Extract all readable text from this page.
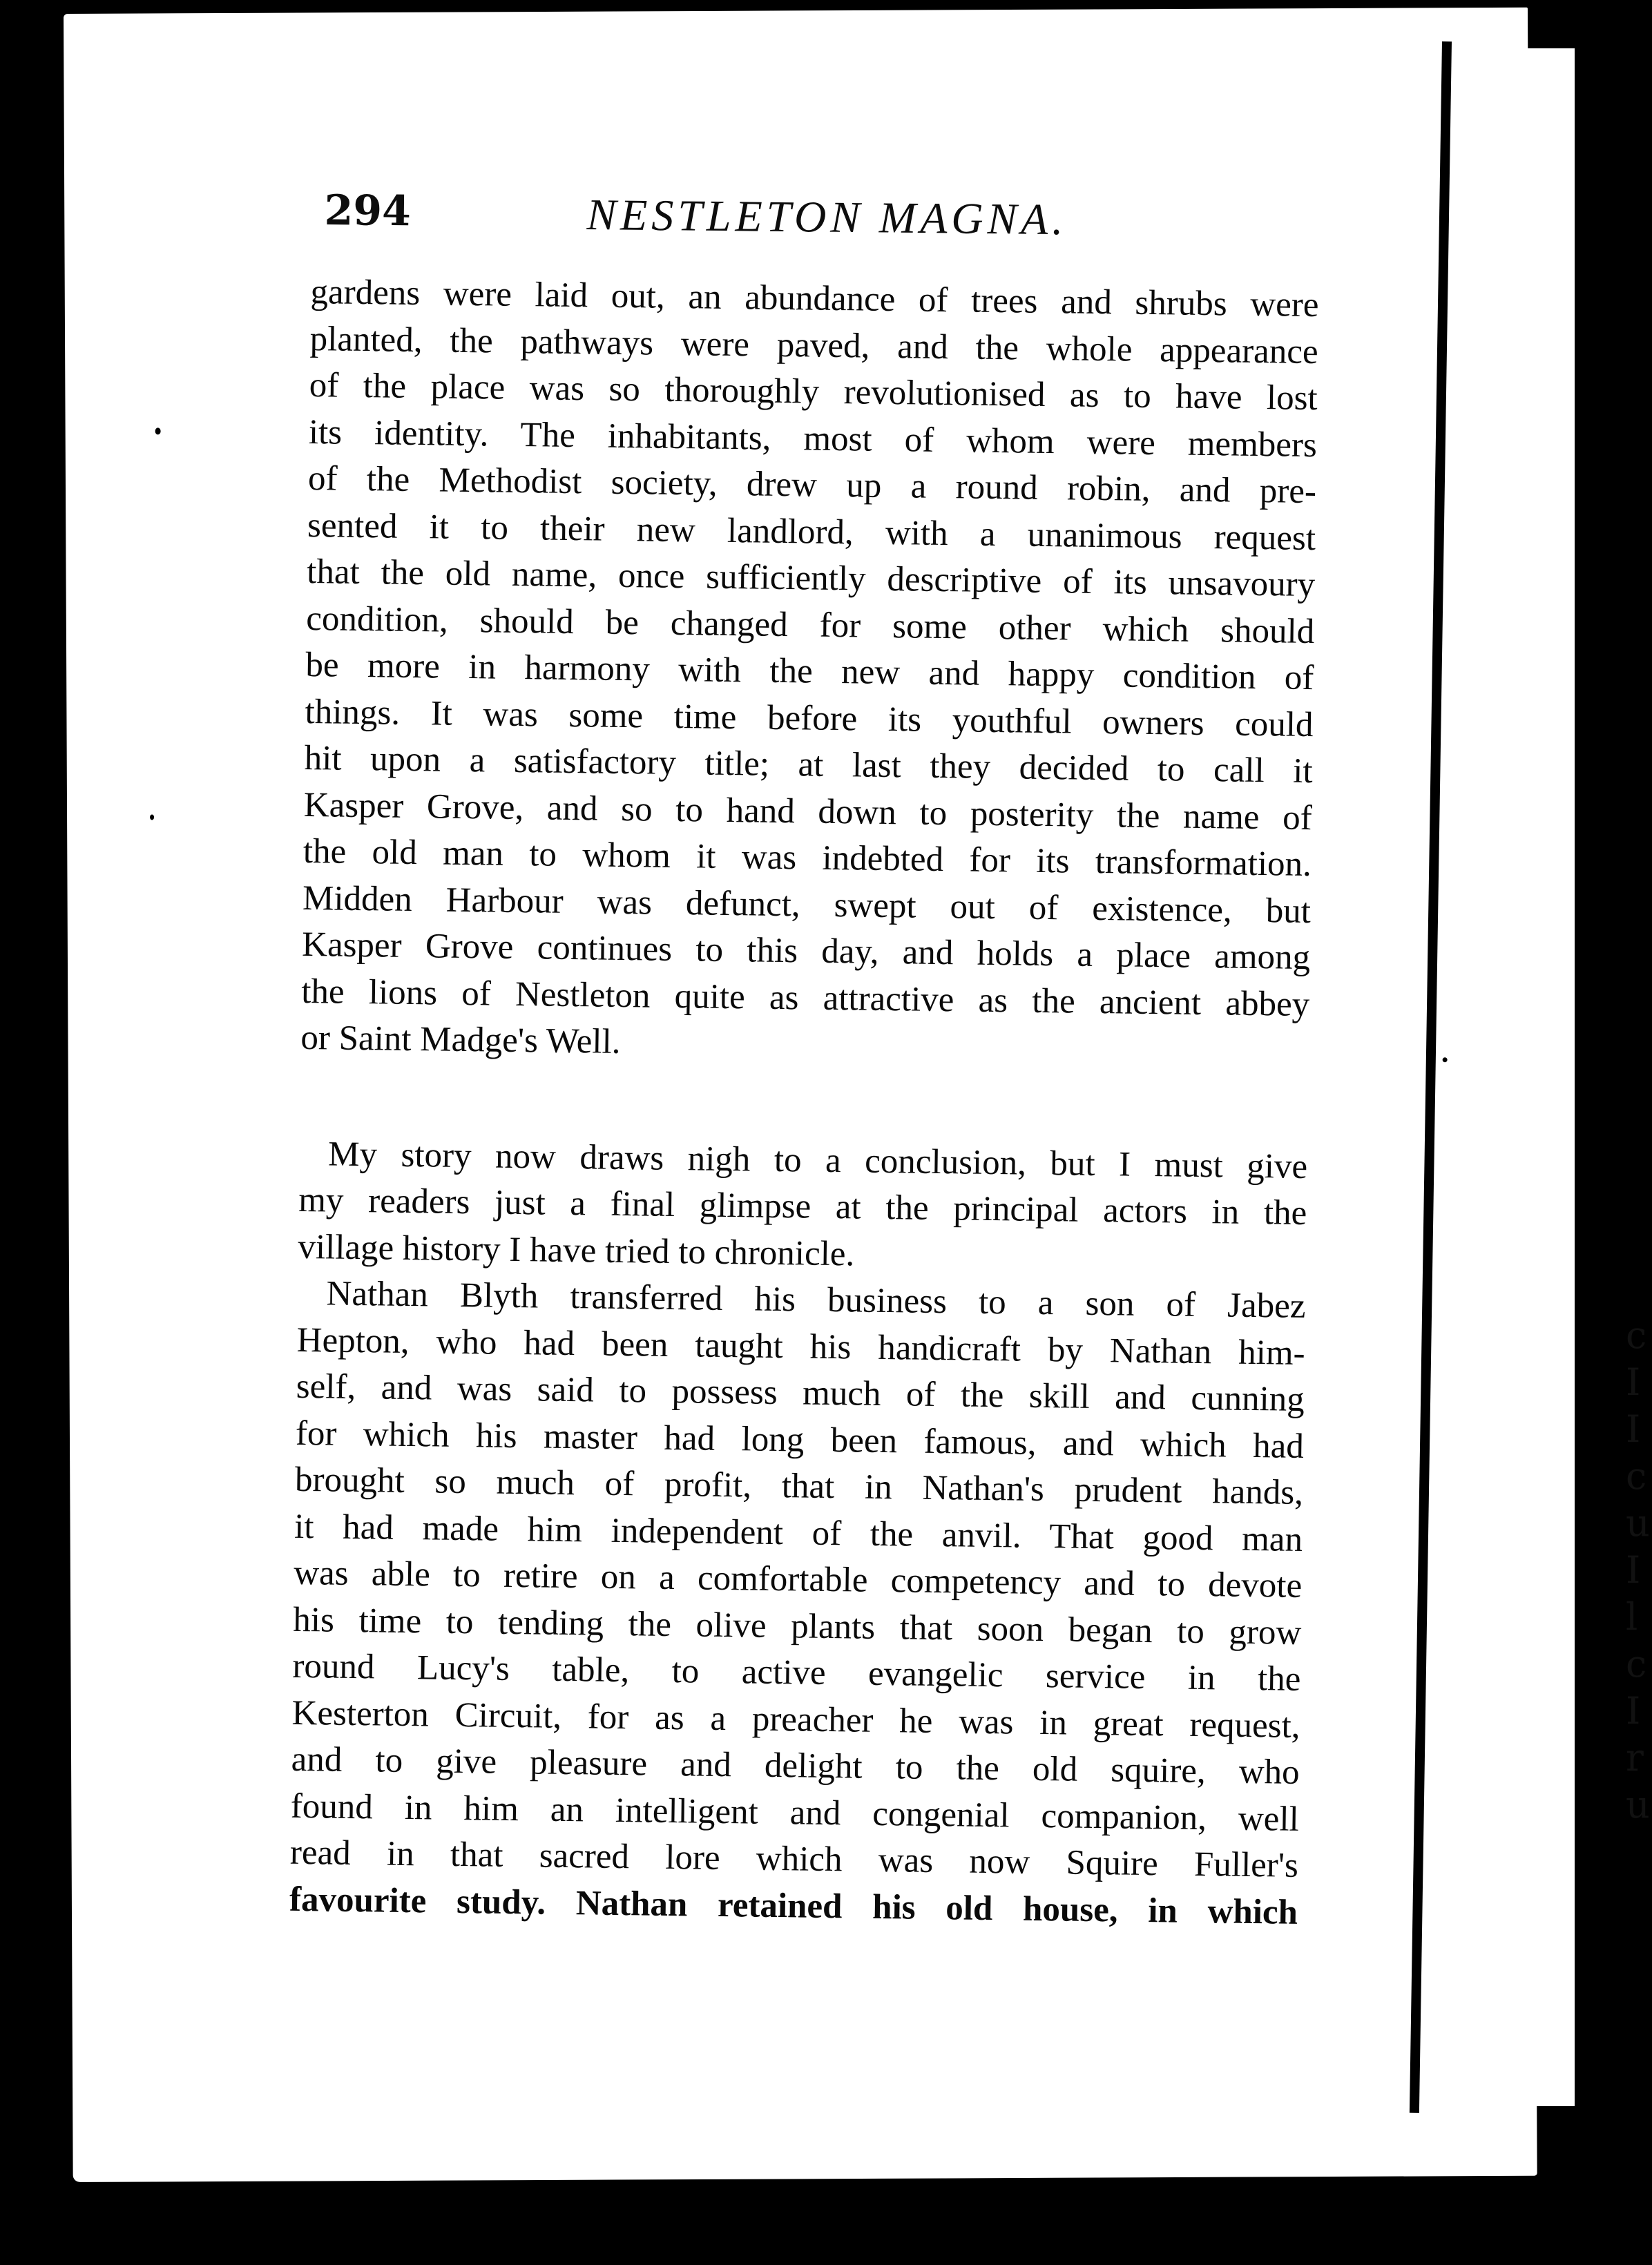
c
I
I
c
u
I
l
c
I
r
u
294	NESTLETON MAGNA.
gardens were laid out, an abundance of trees and shrubs were
planted, the pathways were paved, and the whole appearance
of the place was so thoroughly revolutionised as to have lost
its identity. The inhabitants, most of whom were members
of the Methodist society, drew up a round robin, and pre-
sented it to their new landlord, with a unanimous request
that the old name, once sufficiently descriptive of its unsavoury
condition, should be changed for some other which should
be more in harmony with the new and happy condition of
things. It was some time before its youthful owners could
hit upon a satisfactory title; at last they decided to call it
Kasper Grove, and so to hand down to posterity the name of
the old man to whom it was indebted for its transformation.
Midden Harbour was defunct, swept out of existence, but
Kasper Grove continues to this day, and holds a place among
the lions of Nestleton quite as attractive as the ancient abbey
or Saint Madge's Well.
My story now draws nigh to a conclusion, but I must give
my readers just a final glimpse at the principal actors in the
village history I have tried to chronicle.
Nathan Blyth transferred his business to a son of Jabez
Hepton, who had been taught his handicraft by Nathan him-
self, and was said to possess much of the skill and cunning
for which his master had long been famous, and which had
brought so much of profit, that in Nathan's prudent hands,
it had made him independent of the anvil. That good man
was able to retire on a comfortable competency and to devote
his time to tending the olive plants that soon began to grow
round Lucy's table, to active evangelic service in the
Kesterton Circuit, for as a preacher he was in great request,
and to give pleasure and delight to the old squire, who
found in him an intelligent and congenial companion, well
read in that sacred lore which was now Squire Fuller's
favourite study. Nathan retained his old house, in which
